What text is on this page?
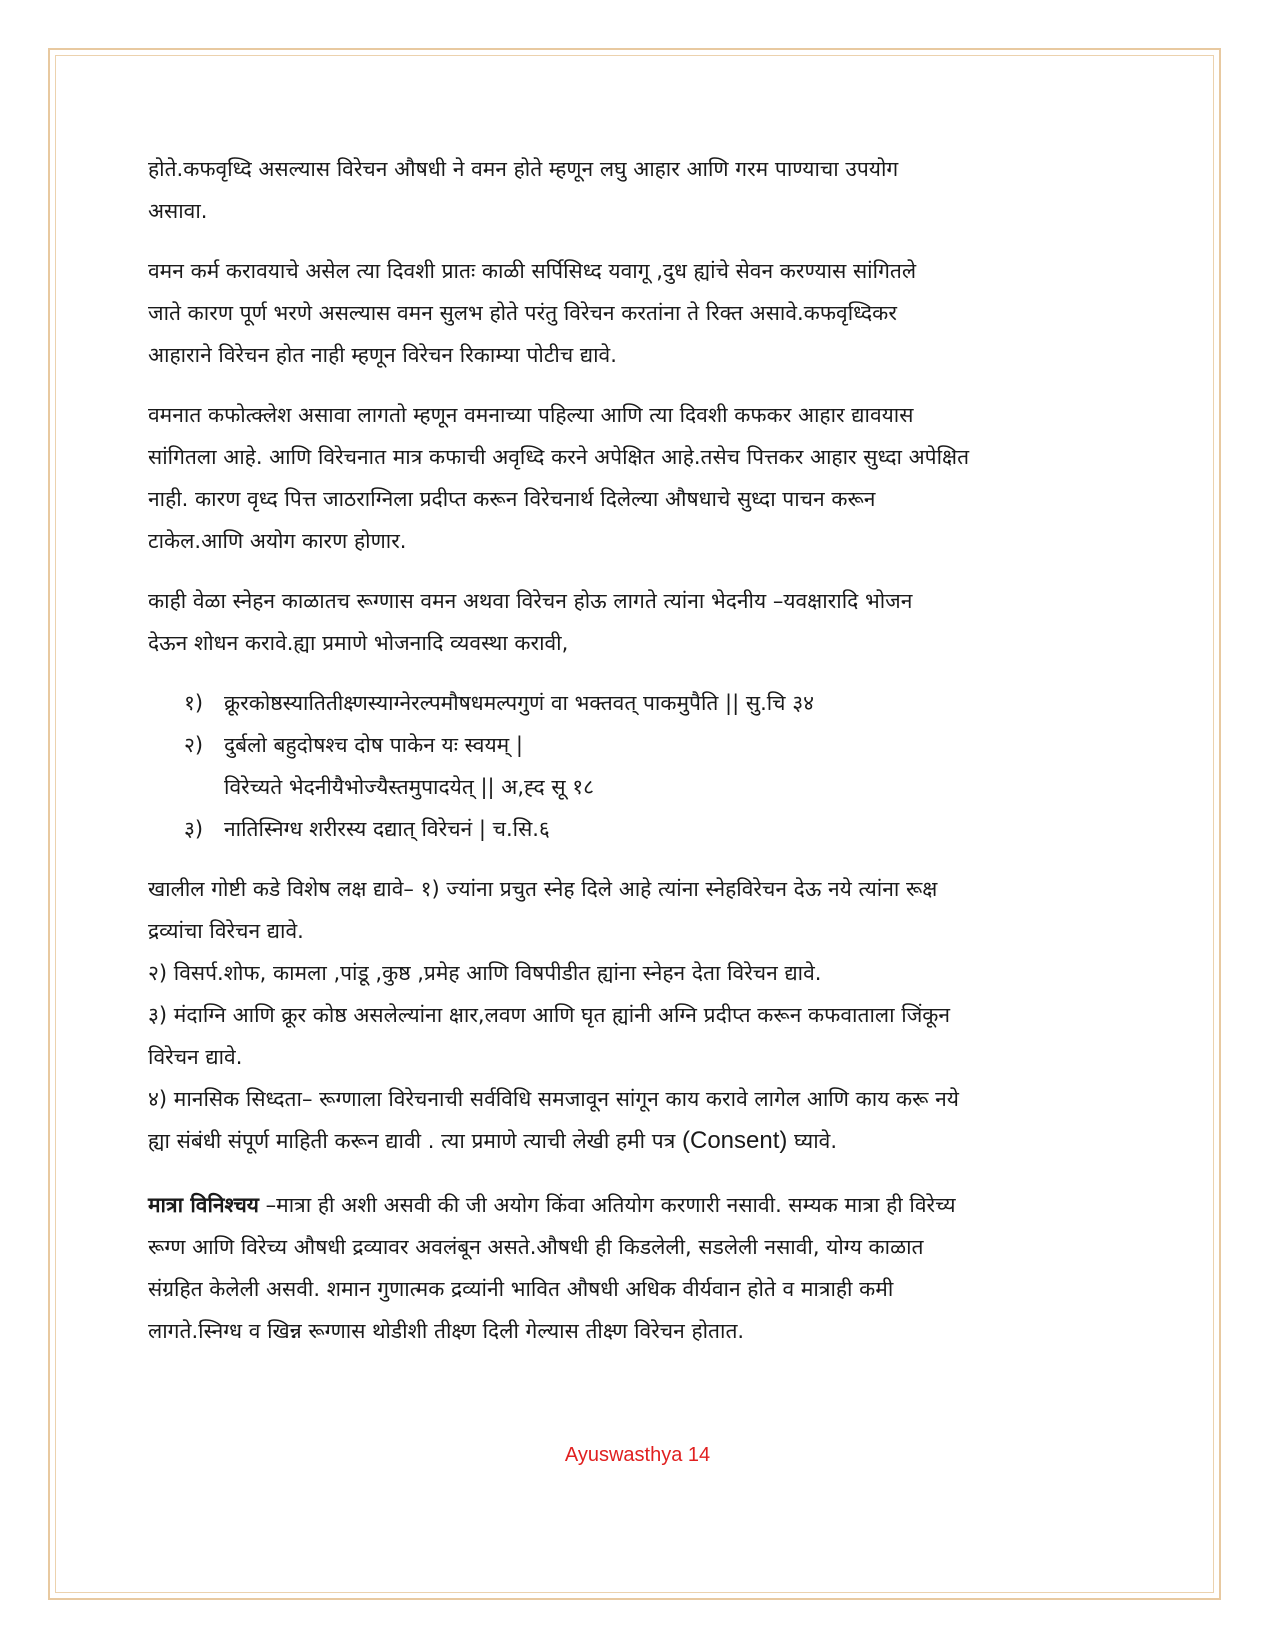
होते.कफवृध्दि असल्यास विरेचन औषधी ने वमन होते म्हणून लघु आहार आणि गरम पाण्याचा उपयोग
असावा.

वमन कर्म करावयाचे असेल त्या दिवशी प्रातः काळी सर्पिसिध्द यवागू ,दुध ह्यांचे सेवन करण्यास सांगितले
जाते कारण पूर्ण भरणे असल्यास वमन सुलभ होते परंतु विरेचन करतांना ते रिक्त असावे.कफवृध्दिकर
आहाराने विरेचन होत नाही म्हणून विरेचन रिकाम्या पोटीच द्यावे.

वमनात कफोत्क्लेश असावा लागतो म्हणून वमनाच्या पहिल्या आणि त्या दिवशी कफकर आहार द्यावयास
सांगितला आहे. आणि विरेचनात मात्र कफाची अवृध्दि करने अपेक्षित आहे.तसेच पित्तकर आहार सुध्दा अपेक्षित
नाही. कारण वृध्द पित्त जाठराग्निला प्रदीप्त करून विरेचनार्थ दिलेल्या औषधाचे सुध्दा पाचन करून
टाकेल.आणि अयोग कारण होणार.

काही वेळा स्नेहन काळातच रूग्णास वमन अथवा विरेचन होऊ लागते त्यांना भेदनीय –यवक्षारादि भोजन
देऊन शोधन करावे.ह्या प्रमाणे भोजनादि व्यवस्था करावी,

१) क्रूरकोष्ठस्यातितीक्ष्णस्याग्नेरल्पमौषधमल्पगुणं वा भक्तवत् पाकमुपैति || सु.चि ३४
२) दुर्बलो बहुदोषश्च दोष पाकेन यः स्वयम् |
विरेच्यते भेदनीयैभोज्यैस्तमुपादयेत् || अ,ह्द सू १८
३) नातिस्निग्ध शरीरस्य दद्यात् विरेचनं | च.सि.६
खालील गोष्टी कडे विशेष लक्ष द्यावे– १) ज्यांना प्रचुत स्नेह दिले आहे त्यांना स्नेहविरेचन देऊ नये त्यांना रूक्ष
द्रव्यांचा विरेचन द्यावे.
२) विसर्प.शोफ, कामला ,पांडू ,कुष्ठ ,प्रमेह आणि विषपीडीत ह्यांना स्नेहन देता विरेचन द्यावे.
३) मंदाग्नि आणि क्रूर कोष्ठ असलेल्यांना क्षार,लवण आणि घृत ह्यांनी अग्नि प्रदीप्त करून कफवाताला जिंकून
विरेचन द्यावे.
४) मानसिक सिध्दता– रूग्णाला विरेचनाची सर्वविधि समजावून सांगून काय करावे लागेल आणि काय करू नये
ह्या संबंधी संपूर्ण माहिती करून द्यावी . त्या प्रमाणे त्याची लेखी हमी पत्र (Consent) घ्यावे.

मात्रा विनिश्चय –मात्रा ही अशी असवी की जी अयोग किंवा अतियोग करणारी नसावी. सम्यक मात्रा ही विरेच्य
रूग्ण आणि विरेच्य औषधी द्रव्यावर अवलंबून असते.औषधी ही किडलेली, सडलेली नसावी, योग्य काळात
संग्रहित केलेली असवी. शमान गुणात्मक द्रव्यांनी भावित औषधी अधिक वीर्यवान होते व मात्राही कमी
लागते.स्निग्ध व खिन्न रूग्णास थोडीशी तीक्ष्ण दिली गेल्यास तीक्ष्ण विरेचन होतात.

Ayuswasthya 14
